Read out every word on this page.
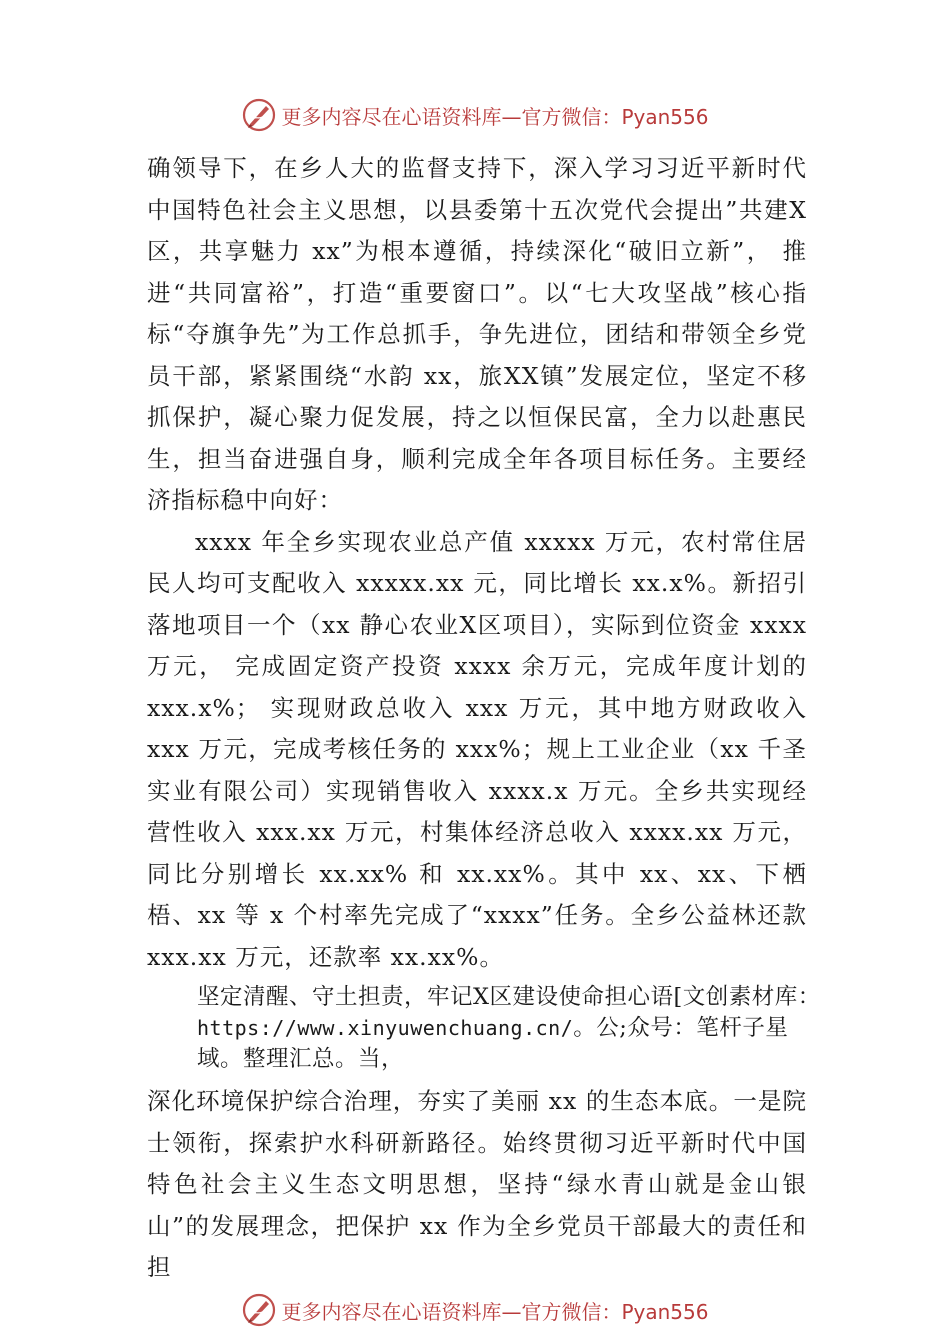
更多内容尽在心语资料库 —官方微信：Pyan556

确领导下，在乡人大的监督支持下，深入学习习近平新时代中国特色社会主义思想，以县委第十五次党代会提出”共建X区，共享魅力 xx”为根本遵循，持续深化“破旧立新”， 推进“共同富裕”，打造“重要窗口”。以“七大攻坚战”核心指标“夺旗争先”为工作总抓手，争先进位，团结和带领全乡党员干部，紧紧围绕“水韵 xx，旅XX镇”发展定位，坚定不移 抓保护，凝心聚力促发展，持之以恒保民富，全力以赴惠民生，担当奋进强自身，顺利完成全年各项目标任务。主要经济指标稳中向好：

xxxx 年全乡实现农业总产值 xxxxx 万元，农村常住居民人均可支配收入 xxxxx.xx 元，同比增长 xx.x%。新招引落地项目一个（xx 静心农业X区项目），实际到位资金 xxxx 万元， 完成固定资产投资 xxxx 余万元，完成年度计划的 xxx.x%； 实现财政总收入 xxx 万元，其中地方财政收入 xxx 万元，完成考核任务的 xxx%；规上工业企业（xx 千圣实业有限公司）实现销售收入 xxxx.x 万元。全乡共实现经营性收入 xxx.xx 万元，村集体经济总收入 xxxx.xx 万元，同比分别增长 xx.xx% 和 xx.xx%。其中 xx、xx、下栖梧、xx 等 x 个村率先完成了“xxxx”任务。全乡公益林还款 xxx.xx 万元，还款率 xx.xx%。

坚定清醒、守土担责，牢记X区建设使命担心语[文创素材库：https://www.xinyuwenchuang.cn/。公;众号：笔杆子星域。整理汇总。当，

深化环境保护综合治理，夯实了美丽 xx 的生态本底。一是院士领衔，探索护水科研新路径。始终贯彻习近平新时代中国特色社会主义生态文明思想，坚持“绿水青山就是金山银山”的发展理念，把保护 xx 作为全乡党员干部最大的责任和担

更多内容尽在心语资料库 —官方微信：Pyan556
